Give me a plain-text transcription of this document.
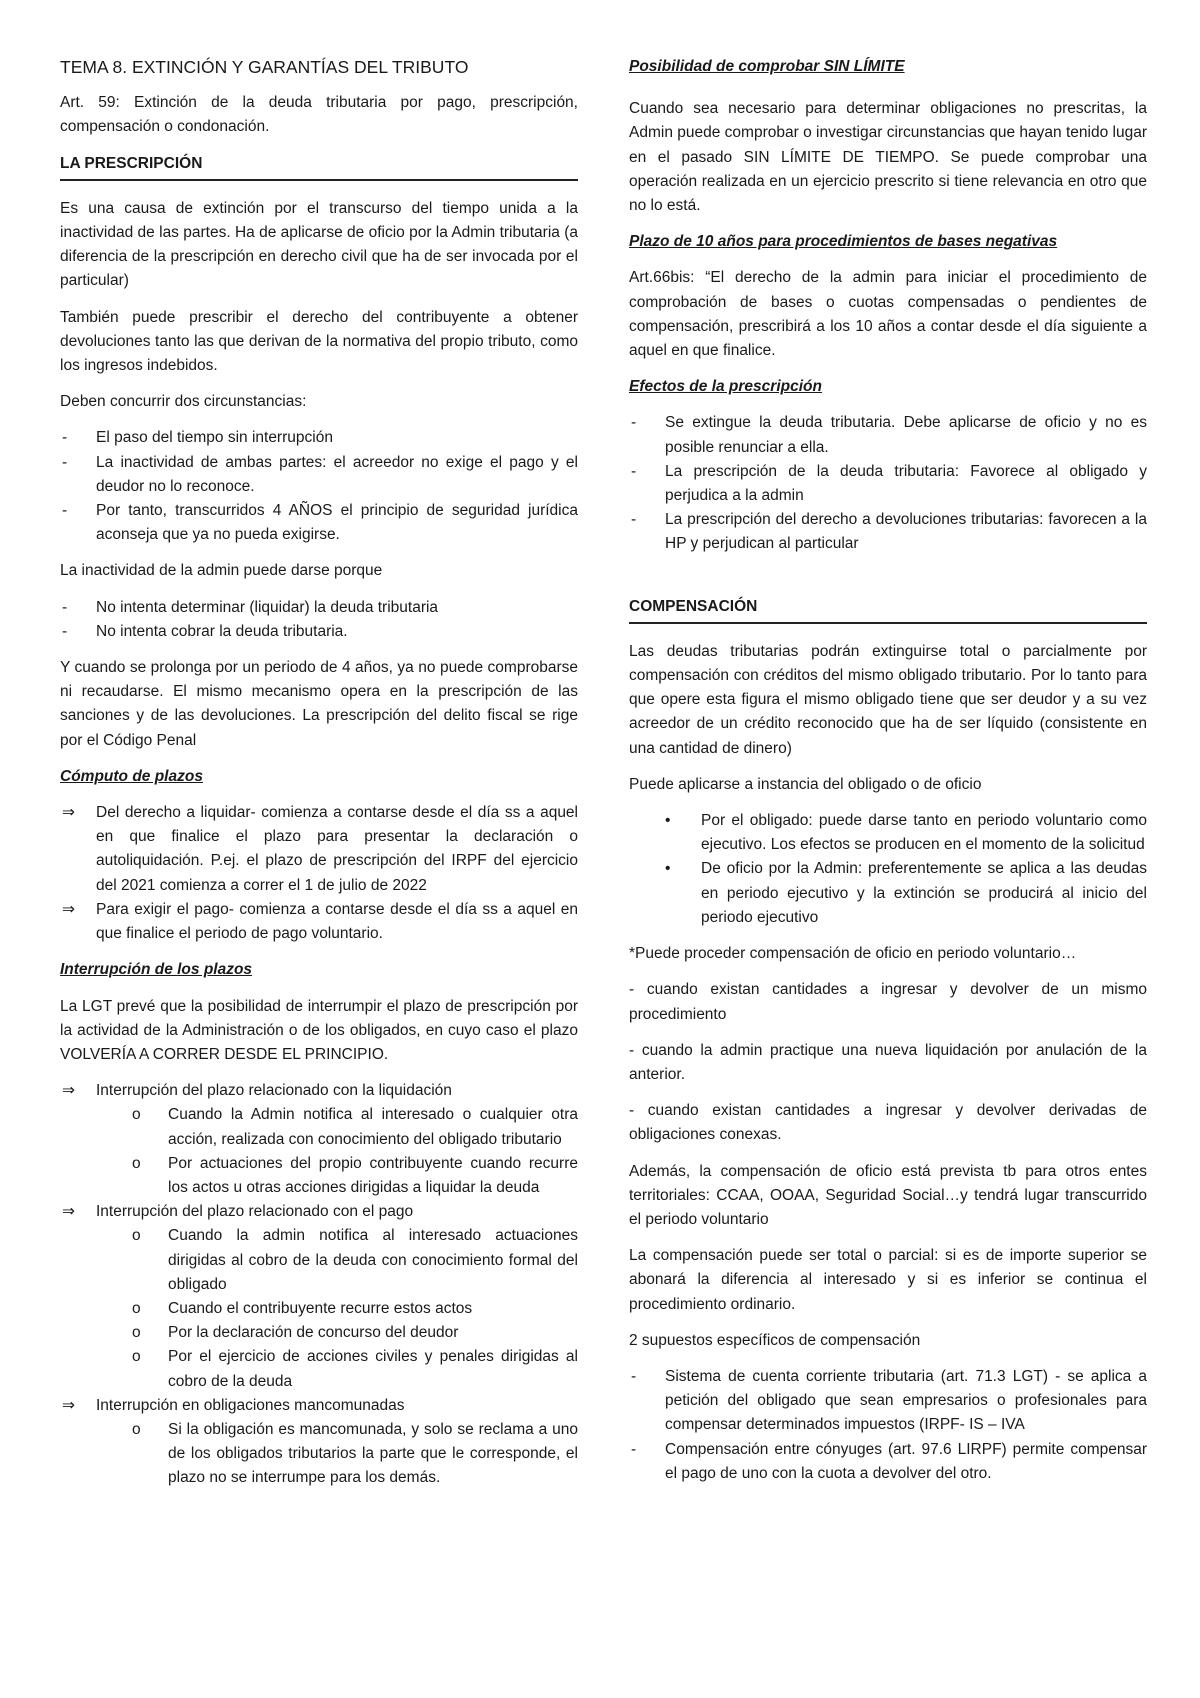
TEMA 8. EXTINCIÓN Y GARANTÍAS DEL TRIBUTO

Art. 59: Extinción de la deuda tributaria por pago, prescripción, compensación o condonación.

LA PRESCRIPCIÓN

Es una causa de extinción por el transcurso del tiempo unida a la inactividad de las partes. Ha de aplicarse de oficio por la Admin tributaria (a diferencia de la prescripción en derecho civil que ha de ser invocada por el particular)

También puede prescribir el derecho del contribuyente a obtener devoluciones tanto las que derivan de la normativa del propio tributo, como los ingresos indebidos.

Deben concurrir dos circunstancias:

- El paso del tiempo sin interrupción
- La inactividad de ambas partes: el acreedor no exige el pago y el deudor no lo reconoce.
- Por tanto, transcurridos 4 AÑOS el principio de seguridad jurídica aconseja que ya no pueda exigirse.

La inactividad de la admin puede darse porque

- No intenta determinar (liquidar) la deuda tributaria
- No intenta cobrar la deuda tributaria.

Y cuando se prolonga por un periodo de 4 años, ya no puede comprobarse ni recaudarse. El mismo mecanismo opera en la prescripción de las sanciones y de las devoluciones. La prescripción del delito fiscal se rige por el Código Penal

Cómputo de plazos

⇒ Del derecho a liquidar- comienza a contarse desde el día ss a aquel en que finalice el plazo para presentar la declaración o autoliquidación. P.ej. el plazo de prescripción del IRPF del ejercicio del 2021 comienza a correr el 1 de julio de 2022
⇒ Para exigir el pago- comienza a contarse desde el día ss a aquel en que finalice el periodo de pago voluntario.

Interrupción de los plazos

La LGT prevé que la posibilidad de interrumpir el plazo de prescripción por la actividad de la Administración o de los obligados, en cuyo caso el plazo VOLVERÍA A CORRER DESDE EL PRINCIPIO.

⇒ Interrupción del plazo relacionado con la liquidación
o Cuando la Admin notifica al interesado o cualquier otra acción, realizada con conocimiento del obligado tributario
o Por actuaciones del propio contribuyente cuando recurre los actos u otras acciones dirigidas a liquidar la deuda
⇒ Interrupción del plazo relacionado con el pago
o Cuando la admin notifica al interesado actuaciones dirigidas al cobro de la deuda con conocimiento formal del obligado
o Cuando el contribuyente recurre estos actos
o Por la declaración de concurso del deudor
o Por el ejercicio de acciones civiles y penales dirigidas al cobro de la deuda
⇒ Interrupción en obligaciones mancomunadas
o Si la obligación es mancomunada, y solo se reclama a uno de los obligados tributarios la parte que le corresponde, el plazo no se interrumpe para los demás.

Posibilidad de comprobar SIN LÍMITE

Cuando sea necesario para determinar obligaciones no prescritas, la Admin puede comprobar o investigar circunstancias que hayan tenido lugar en el pasado SIN LÍMITE DE TIEMPO. Se puede comprobar una operación realizada en un ejercicio prescrito si tiene relevancia en otro que no lo está.

Plazo de 10 años para procedimientos de bases negativas

Art.66bis: “El derecho de la admin para iniciar el procedimiento de comprobación de bases o cuotas compensadas o pendientes de compensación, prescribirá a los 10 años a contar desde el día siguiente a aquel en que finalice.

Efectos de la prescripción

- Se extingue la deuda tributaria. Debe aplicarse de oficio y no es posible renunciar a ella.
- La prescripción de la deuda tributaria: Favorece al obligado y perjudica a la admin
- La prescripción del derecho a devoluciones tributarias: favorecen a la HP y perjudican al particular
COMPENSACIÓN

Las deudas tributarias podrán extinguirse total o parcialmente por compensación con créditos del mismo obligado tributario. Por lo tanto para que opere esta figura el mismo obligado tiene que ser deudor y a su vez acreedor de un crédito reconocido que ha de ser líquido (consistente en una cantidad de dinero)

Puede aplicarse a instancia del obligado o de oficio

• Por el obligado: puede darse tanto en periodo voluntario como ejecutivo. Los efectos se producen en el momento de la solicitud
• De oficio por la Admin: preferentemente se aplica a las deudas en periodo ejecutivo y la extinción se producirá al inicio del periodo ejecutivo

*Puede proceder compensación de oficio en periodo voluntario…

- cuando existan cantidades a ingresar y devolver de un mismo procedimiento

- cuando la admin practique una nueva liquidación por anulación de la anterior.

- cuando existan cantidades a ingresar y devolver derivadas de obligaciones conexas.

Además, la compensación de oficio está prevista tb para otros entes territoriales: CCAA, OOAA, Seguridad Social…y tendrá lugar transcurrido el periodo voluntario

La compensación puede ser total o parcial: si es de importe superior se abonará la diferencia al interesado y si es inferior se continua el procedimiento ordinario.

2 supuestos específicos de compensación

- Sistema de cuenta corriente tributaria (art. 71.3 LGT) - se aplica a petición del obligado que sean empresarios o profesionales para compensar determinados impuestos (IRPF- IS – IVA
- Compensación entre cónyuges (art. 97.6 LIRPF) permite compensar el pago de uno con la cuota a devolver del otro.
